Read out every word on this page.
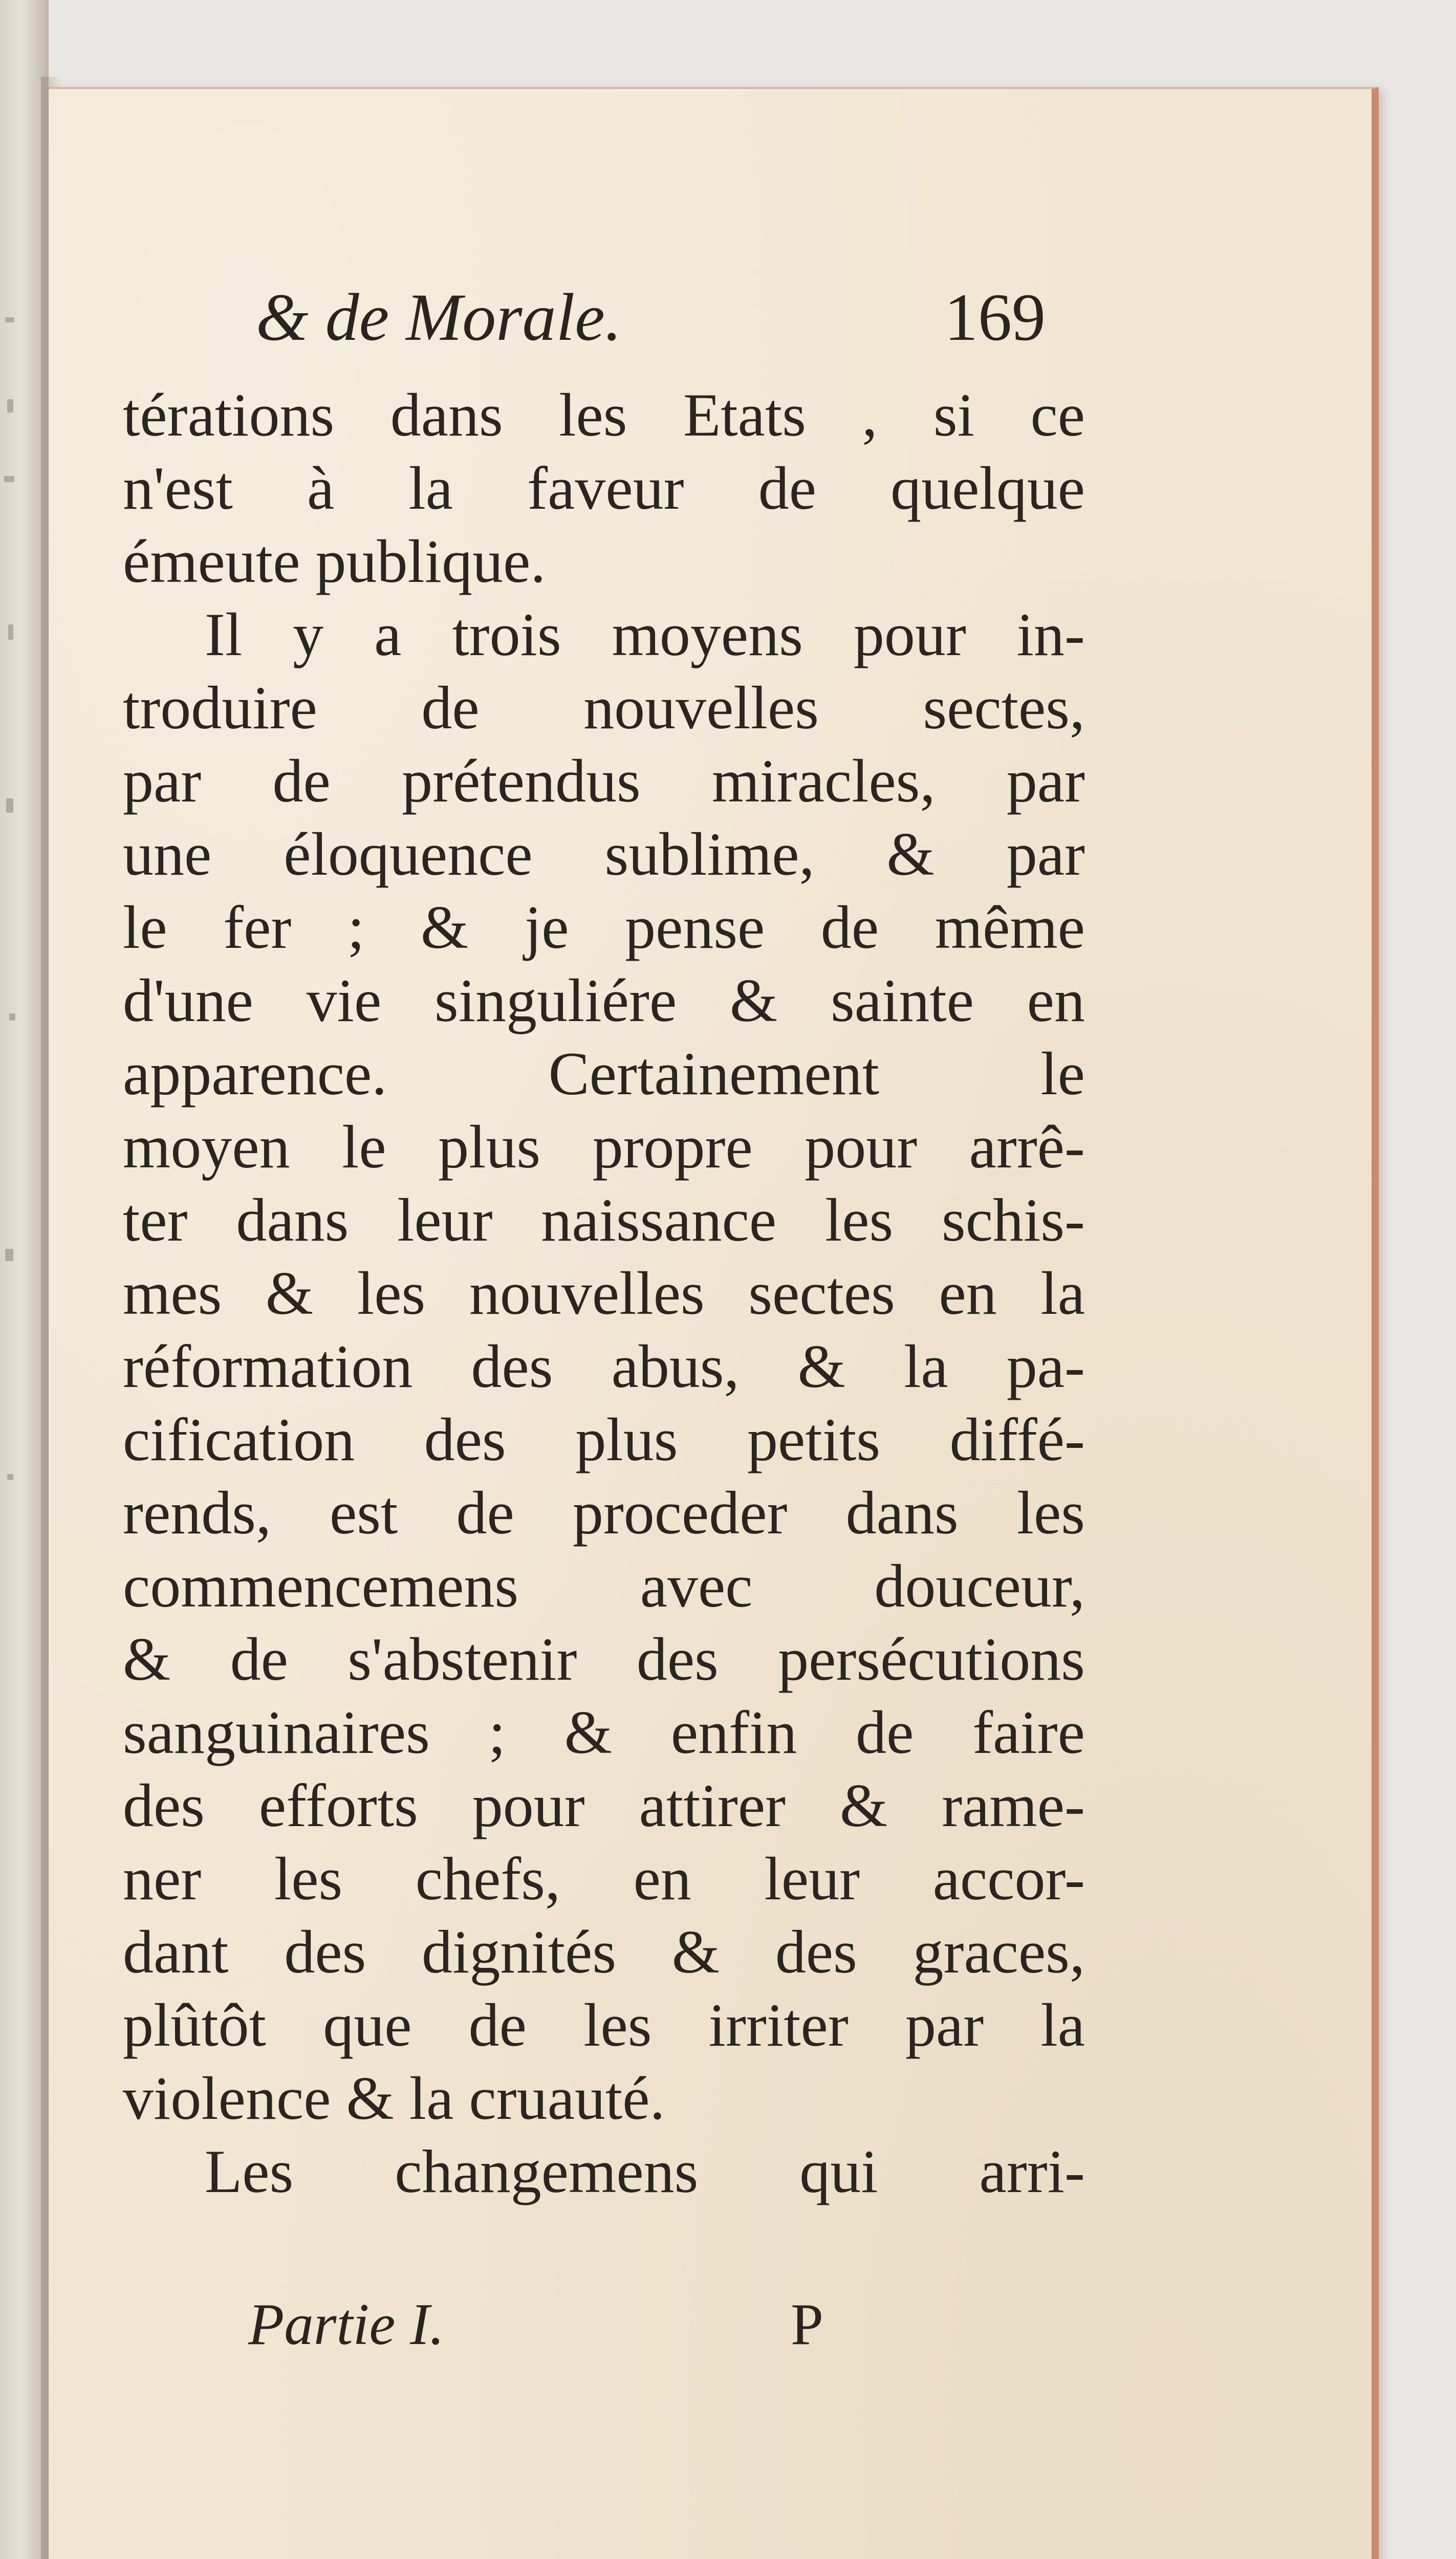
& de Morale.	169
térations dans les Etats , si ce
n'est à la faveur de quelque
émeute publique.
Il y a trois moyens pour in-
troduire de nouvelles sectes,
par de prétendus miracles, par
une éloquence sublime, & par
le fer ; & je pense de même
d'une vie singuliére & sainte en
apparence. Certainement le
moyen le plus propre pour arrê-
ter dans leur naissance les schis-
mes & les nouvelles sectes en la
réformation des abus, & la pa-
cification des plus petits diffé-
rends, est de proceder dans les
commencemens avec douceur,
& de s'abstenir des persécutions
sanguinaires ; & enfin de faire
des efforts pour attirer & rame-
ner les chefs, en leur accor-
dant des dignités & des graces,
plûtôt que de les irriter par la
violence & la cruauté.
Les changemens qui arri-
Partie I.	P
